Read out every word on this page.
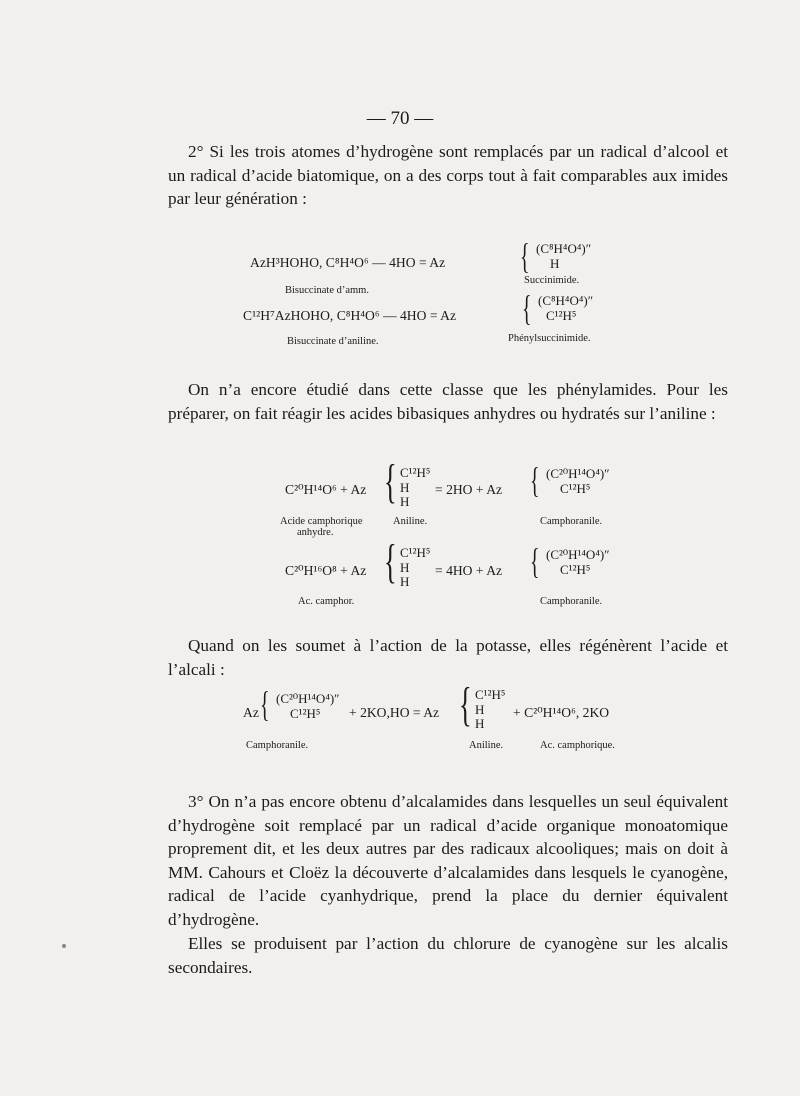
— 70 —

2° Si les trois atomes d’hydrogène sont remplacés par un radical d’alcool et un radical d’acide biatomique, on a des corps tout à fait comparables aux imides par leur génération :

AzH³HOHO, C⁸H⁴O⁶ — 4HO = Az { (C⁸H⁴O⁴)″
H
Bisuccinate d’amm.
Succinimide.
C¹²H⁷AzHOHO, C⁸H⁴O⁶ — 4HO = Az { (C⁸H⁴O⁴)″
C¹²H⁵
Bisuccinate d’aniline.	Phénylsuccinimide.

On n’a encore étudié dans cette classe que les phénylamides. Pour les préparer, on fait réagir les acides bibasiques anhydres ou hydratés sur l’aniline :

C²⁰H¹⁴O⁶ + Az { C¹²H⁵
H
H
= 2HO + Az { (C²⁰H¹⁴O⁴)″
C¹²H⁵
Acide camphorique
anhydre.
Aniline.	Camphoranile.
C²⁰H¹⁶O⁸ + Az { C¹²H⁵
H
H
= 4HO + Az { (C²⁰H¹⁴O⁴)″
C¹²H⁵
Ac. camphor.	Camphoranile.

Quand on les soumet à l’action de la potasse, elles régénèrent l’acide et l’alcali :

Az { (C²⁰H¹⁴O⁴)″
C¹²H⁵	+ 2KO,HO = Az { C¹²H⁵
H
H
+ C²⁰H¹⁴O⁶, 2KO
Camphoranile.	Aniline.	Ac. camphorique.

3° On n’a pas encore obtenu d’alcalamides dans lesquelles un seul équivalent d’hydrogène soit remplacé par un radical d’acide organique monoatomique proprement dit, et les deux autres par des radicaux alcooliques; mais on doit à MM. Cahours et Cloëz la découverte d’alcalamides dans lesquels le cyanogène, radical de l’acide cyanhydrique, prend la place du dernier équivalent d’hydrogène.

Elles se produisent par l’action du chlorure de cyanogène sur les alcalis secondaires.
